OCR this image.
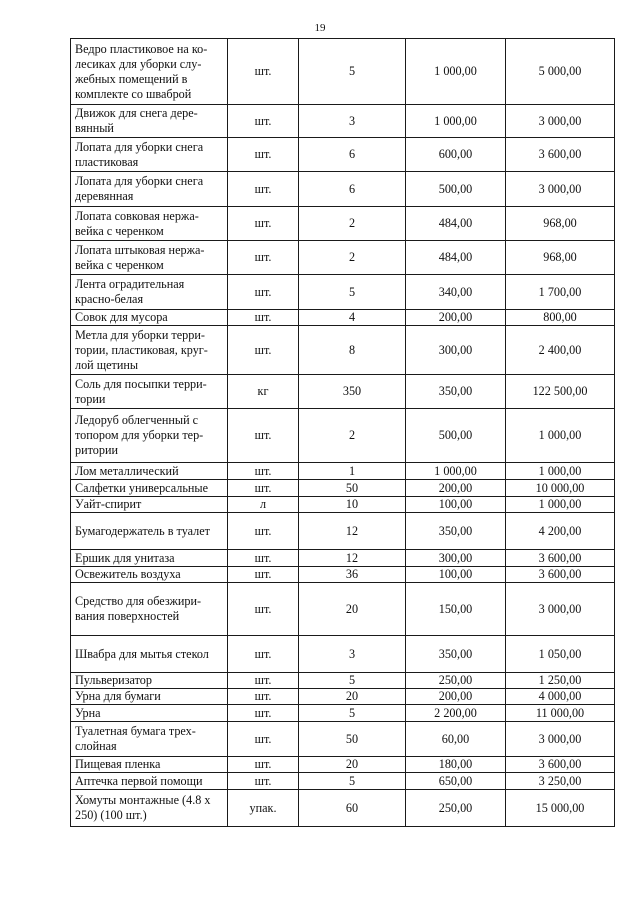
19
Ведро пластиковое на ко-
лесиках для уборки слу-
жебных помещений в
комплекте со шваброй	шт.	5	1 000,00	5 000,00
Движок для снега дере-
вянный	шт.	3	1 000,00	3 000,00
Лопата для уборки снега
пластиковая	шт.	6	600,00	3 600,00
Лопата для уборки снега
деревянная	шт.	6	500,00	3 000,00
Лопата совковая нержа-
вейка с черенком	шт.	2	484,00	968,00
Лопата штыковая нержа-
вейка с черенком	шт.	2	484,00	968,00
Лента оградительная
красно-белая	шт.	5	340,00	1 700,00
Совок для мусора	шт.	4	200,00	800,00
Метла для уборки терри-
тории, пластиковая, круг-
лой щетины	шт.	8	300,00	2 400,00
Соль для посыпки терри-
тории	кг	350	350,00	122 500,00
Ледоруб облегченный с
топором для уборки тер-
ритории	шт.	2	500,00	1 000,00
Лом металлический	шт.	1	1 000,00	1 000,00
Салфетки универсальные	шт.	50	200,00	10 000,00
Уайт-спирит	л	10	100,00	1 000,00
Бумагодержатель в туалет	шт.	12	350,00	4 200,00
Ершик для унитаза	шт.	12	300,00	3 600,00
Освежитель воздуха	шт.	36	100,00	3 600,00
Средство для обезжири-
вания поверхностей	шт.	20	150,00	3 000,00
Швабра для мытья стекол	шт.	3	350,00	1 050,00
Пульверизатор	шт.	5	250,00	1 250,00
Урна для бумаги	шт.	20	200,00	4 000,00
Урна	шт.	5	2 200,00	11 000,00
Туалетная бумага трех-
слойная	шт.	50	60,00	3 000,00
Пищевая пленка	шт.	20	180,00	3 600,00
Аптечка первой помощи	шт.	5	650,00	3 250,00
Хомуты монтажные (4.8 х
250) (100 шт.)	упак.	60	250,00	15 000,00
